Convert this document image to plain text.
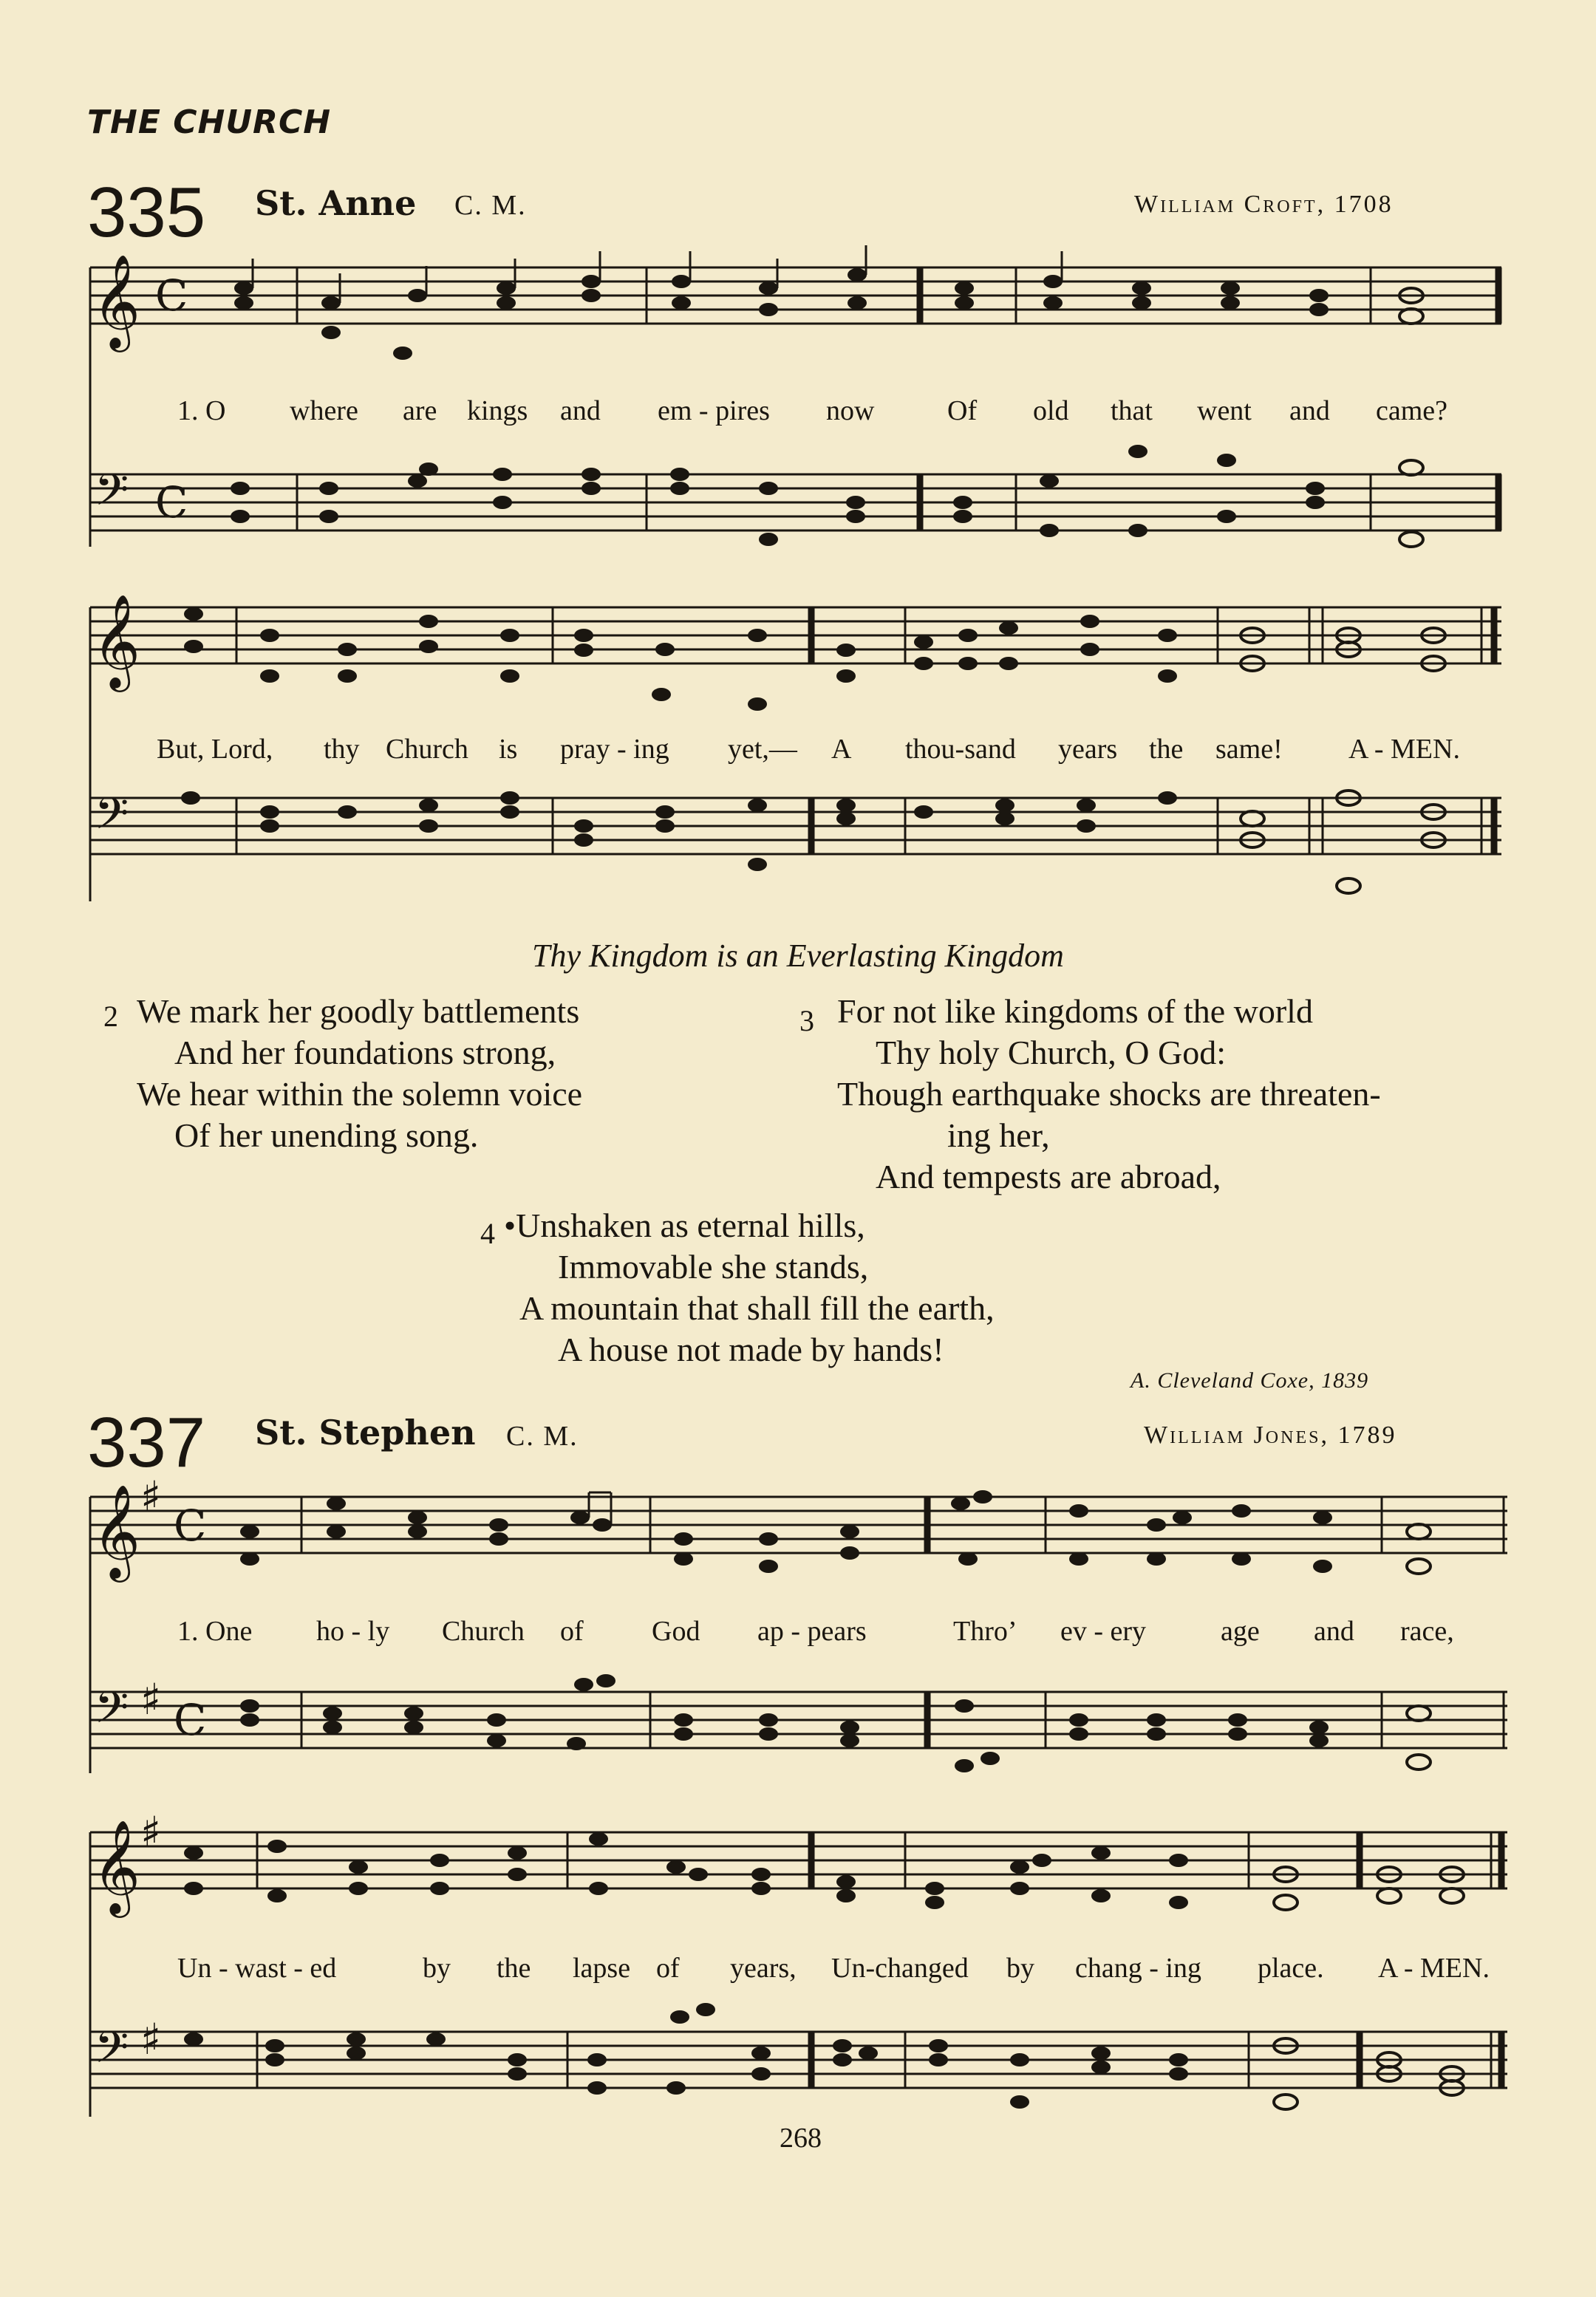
THE CHURCH
335 St. Anne C. M.	William Croft, 1708
𝄞 C
𝄢 C
𝄞
𝄢
1. O where are kings and em - pires now	Of old that went and came?
But, Lord, thy Church is pray - ing yet,— A thou-sand years the same! A - MEN.
Thy Kingdom is an Everlasting Kingdom
2 We mark her goodly battlements
And her foundations strong,
We hear within the solemn voice
Of her unending song.
3 For not like kingdoms of the world
Thy holy Church, O God:
Though earthquake shocks are threaten-
ing her,
And tempests are abroad,
4 •Unshaken as eternal hills,
Immovable she stands,
A mountain that shall fill the earth,
A house not made by hands!
A. Cleveland Coxe, 1839
337 St. Stephen C. M.	William Jones, 1789
𝄞 ♯
C
𝄢 ♯ C
𝄞 ♯
𝄢 ♯
1. One ho - ly Church of God ap - pears	Thro’ ev - ery	age and race,
Un - wast - ed	by the lapse of years, Un-changed by chang - ing place. A - MEN.
268
